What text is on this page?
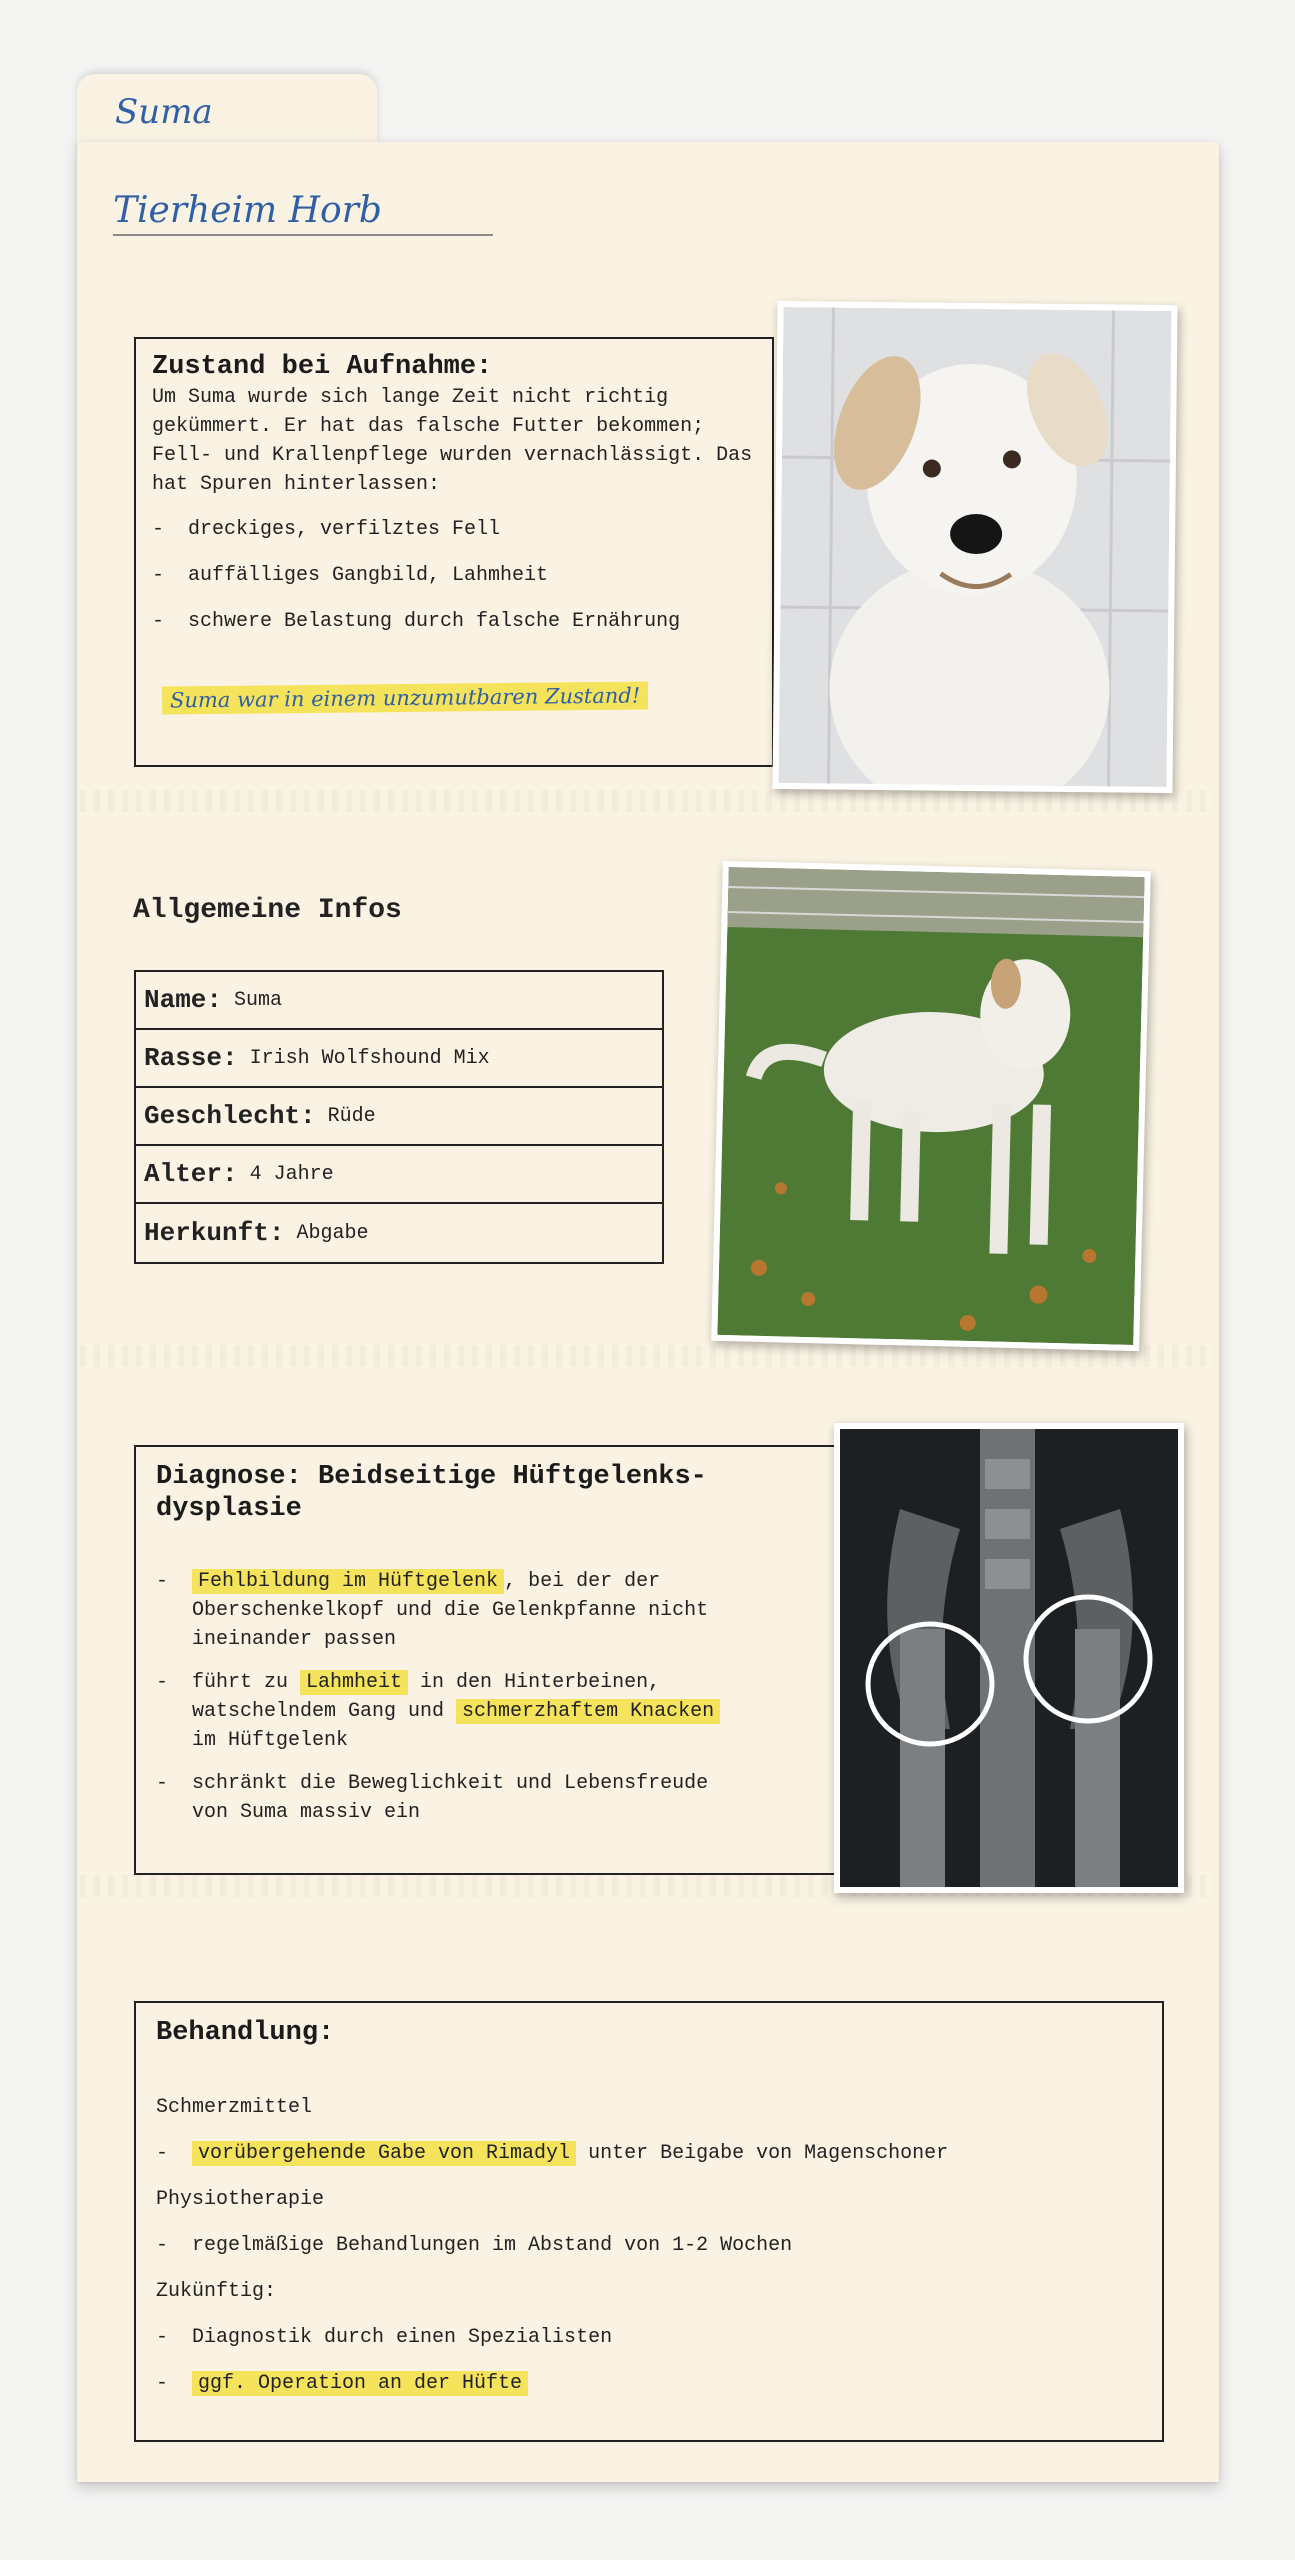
Suma
Tierheim Horb
Zustand bei Aufnahme:
Um Suma wurde sich lange Zeit nicht richtig gekümmert. Er hat das falsche Futter bekommen; Fell- und Krallenpflege wurden vernachlässigt. Das hat Spuren hinterlassen:
- dreckiges, verfilztes Fell
- auffälliges Gangbild, Lahmheit
- schwere Belastung durch falsche Ernährung
Suma war in einem unzumutbaren Zustand!
Allgemeine Infos
Name: Suma
Rasse: Irish Wolfshound Mix
Geschlecht: Rüde
Alter: 4 Jahre
Herkunft: Abgabe
Diagnose: Beidseitige Hüftgelenks-dysplasie
- Fehlbildung im Hüftgelenk , bei der der Oberschenkelkopf und die Gelenkpfanne nicht ineinander passen
- führt zu Lahmheit in den Hinterbeinen, watschelndem Gang und schmerzhaftem Knacken im Hüftgelenk
- schränkt die Beweglichkeit und Lebensfreude von Suma massiv ein
Behandlung:
Schmerzmittel
- vorübergehende Gabe von Rimadyl unter Beigabe von Magenschoner
Physiotherapie
- regelmäßige Behandlungen im Abstand von 1-2 Wochen
Zukünftig:
- Diagnostik durch einen Spezialisten
- ggf. Operation an der Hüfte
